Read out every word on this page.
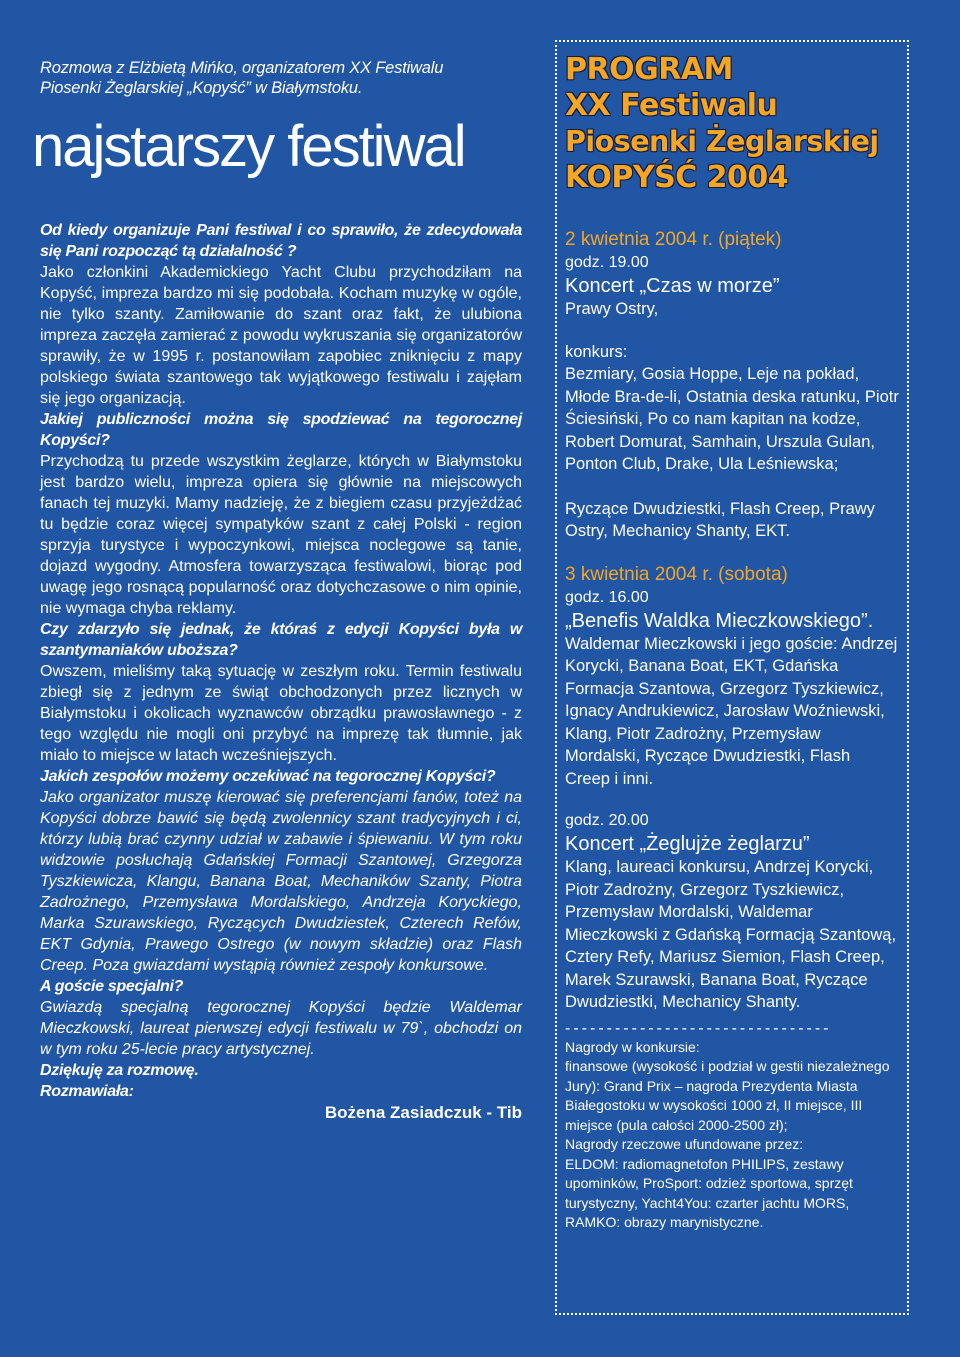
Rozmowa z Elżbietą Mińko, organizatorem XX Festiwalu

Piosenki Żeglarskiej „Kopyść” w Białymstoku.

najstarszy festiwal

Od kiedy organizuje Pani festiwal i co sprawiło, że zdecydowała się Pani rozpocząć tą działalność ?

Jako członkini Akademickiego Yacht Clubu przychodziłam na Kopyść, impreza bardzo mi się podobała. Kocham muzykę w ogóle, nie tylko szanty. Zamiłowanie do szant oraz fakt, że ulubiona impreza zaczęła zamierać z powodu wykruszania się organizatorów sprawiły, że w 1995 r. postanowiłam zapobiec zniknięciu z mapy polskiego świata szantowego tak wyjątkowego festiwalu i zajęłam się jego organizacją.

Jakiej publiczności można się spodziewać na tegorocznej Kopyści?

Przychodzą tu przede wszystkim żeglarze, których w Białymstoku jest bardzo wielu, impreza opiera się głównie na miejscowych fanach tej muzyki. Mamy nadzieję, że z biegiem czasu przyjeżdżać tu będzie coraz więcej sympatyków szant z całej Polski - region sprzyja turystyce i wypoczynkowi, miejsca noclegowe są tanie, dojazd wygodny. Atmosfera towarzysząca festiwalowi, biorąc pod uwagę jego rosnącą popularność oraz dotychczasowe o nim opinie, nie wymaga chyba reklamy.

Czy zdarzyło się jednak, że któraś z edycji Kopyści była w szantymaniaków uboższa?

Owszem, mieliśmy taką sytuację w zeszłym roku. Termin festiwalu zbiegł się z jednym ze świąt obchodzonych przez licznych w Białymstoku i okolicach wyznawców obrządku prawosławnego - z tego względu nie mogli oni przybyć na imprezę tak tłumnie, jak miało to miejsce w latach wcześniejszych.

Jakich zespołów możemy oczekiwać na tegorocznej Kopyści?

Jako organizator muszę kierować się preferencjami fanów, toteż na Kopyści dobrze bawić się będą zwolennicy szant tradycyjnych i ci, którzy lubią brać czynny udział w zabawie i śpiewaniu. W tym roku widzowie posłuchają Gdańskiej Formacji Szantowej, Grzegorza Tyszkiewicza, Klangu, Banana Boat, Mechaników Szanty, Piotra Zadrożnego, Przemysława Mordalskiego, Andrzeja Koryckiego, Marka Szurawskiego, Ryczących Dwudziestek, Czterech Refów, EKT Gdynia, Prawego Ostrego (w nowym składzie) oraz Flash Creep. Poza gwiazdami wystąpią również zespoły konkursowe.

A goście specjalni?

Gwiazdą specjalną tegorocznej Kopyści będzie Waldemar Mieczkowski, laureat pierwszej edycji festiwalu w 79`, obchodzi on w tym roku 25-lecie pracy artystycznej.

Dziękuję za rozmowę.

Rozmawiała:

Bożena Zasiadczuk - Tib

PROGRAM

XX Festiwalu

Piosenki Żeglarskiej

KOPYŚĆ 2004

2 kwietnia 2004 r. (piątek)

godz. 19.00

Koncert „Czas w morze”

Prawy Ostry,

konkurs:

Bezmiary, Gosia Hoppe, Leje na pokład, Młode Bra-de-li, Ostatnia deska ratunku, Piotr Ściesiński, Po co nam kapitan na kodze, Robert Domurat, Samhain, Urszula Gulan, Ponton Club, Drake, Ula Leśniewska;

Ryczące Dwudziestki, Flash Creep, Prawy Ostry, Mechanicy Shanty, EKT.

3 kwietnia 2004 r. (sobota)

godz. 16.00

„Benefis Waldka Mieczkowskiego”.

Waldemar Mieczkowski i jego goście: Andrzej Korycki, Banana Boat, EKT, Gdańska Formacja Szantowa, Grzegorz Tyszkiewicz, Ignacy Andrukiewicz, Jarosław Woźniewski, Klang, Piotr Zadrożny, Przemysław Mordalski, Ryczące Dwudziestki, Flash Creep i inni.

godz. 20.00

Koncert „Żeglujże żeglarzu”

Klang, laureaci konkursu, Andrzej Korycki, Piotr Zadrożny, Grzegorz Tyszkiewicz, Przemysław Mordalski, Waldemar Mieczkowski z Gdańską Formacją Szantową, Cztery Refy, Mariusz Siemion, Flash Creep, Marek Szurawski, Banana Boat, Ryczące Dwudziestki, Mechanicy Shanty.

--------------------------------

Nagrody w konkursie:

finansowe (wysokość i podział w gestii niezależnego Jury): Grand Prix – nagroda Prezydenta Miasta Białegostoku w wysokości 1000 zł, II miejsce, III miejsce (pula całości 2000-2500 zł);

Nagrody rzeczowe ufundowane przez:

ELDOM: radiomagnetofon PHILIPS, zestawy upominków, ProSport: odzież sportowa, sprzęt turystyczny, Yacht4You: czarter jachtu MORS, RAMKO: obrazy marynistyczne.
